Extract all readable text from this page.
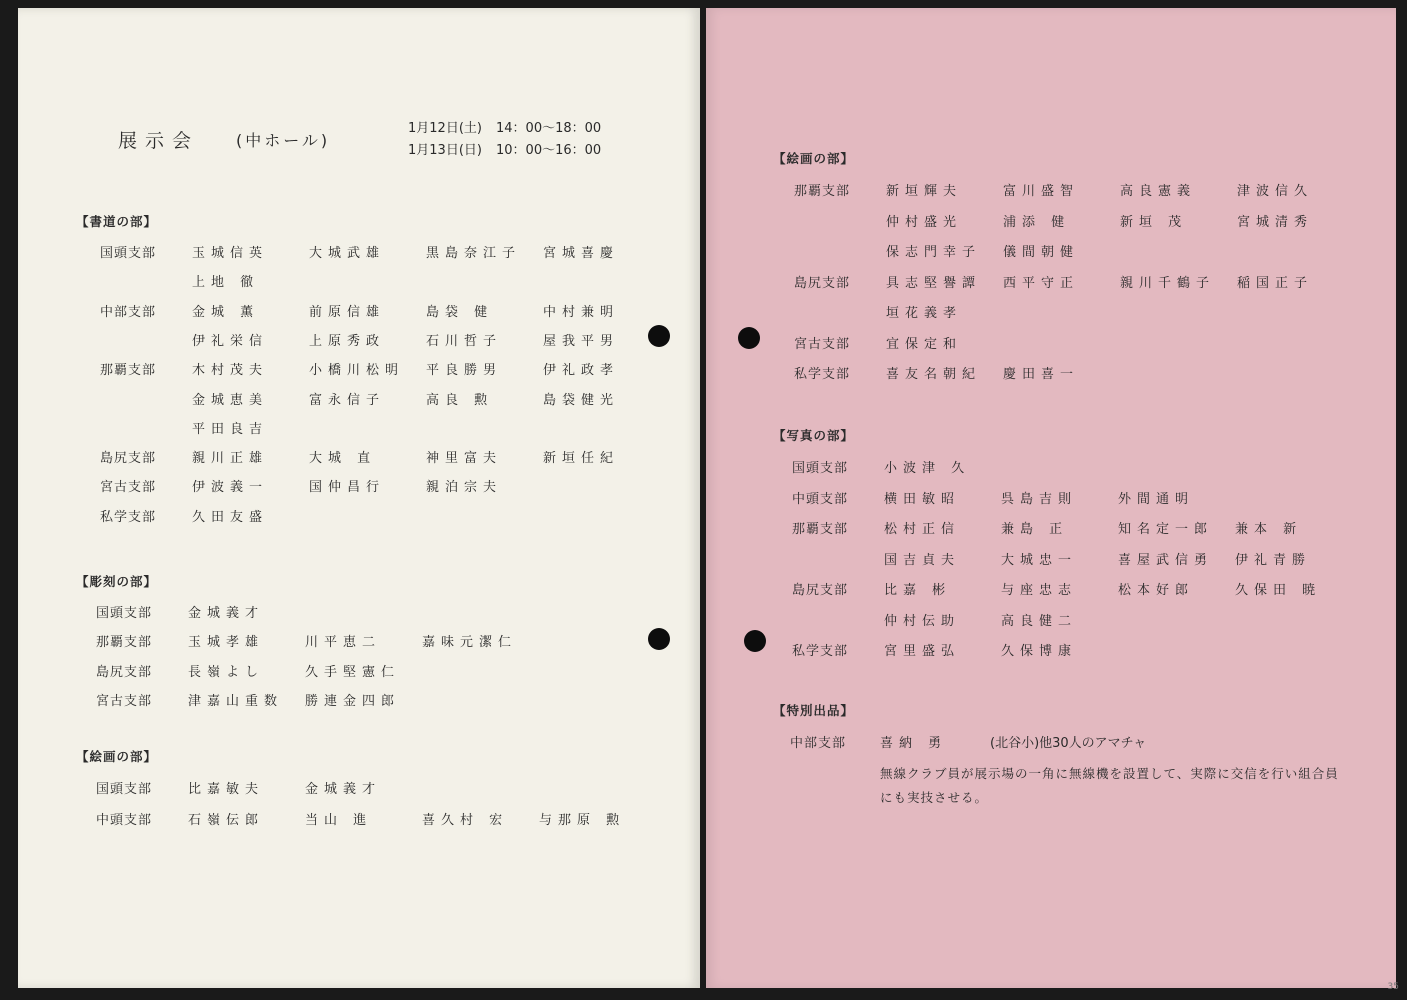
展示会 (中ホール)
1月12日(土)	14：00〜18：00
1月13日(日)	10：00〜16：00
【書道の部】
【彫刻の部】
【絵画の部】
【絵画の部】
【写真の部】
【特別出品】
中部支部	喜納 勇	(北谷小)他30人のアマチャ
無線クラブ員が展示場の一角に無線機を設置して、実際に交信を行い組合員
にも実技させる。
35
国頭支部	玉城信英	大城武雄	黒島奈江子	宮城喜慶
上地 徹
中部支部	金城 薫	前原信雄	島袋 健	中村兼明
伊礼栄信	上原秀政	石川哲子	屋我平男
那覇支部	木村茂夫	小橋川松明	平良勝男	伊礼政孝
金城恵美	富永信子	高良 勲	島袋健光
平田良吉
島尻支部	親川正雄	大城 直	神里富夫	新垣任紀
宮古支部	伊波義一	国仲昌行	親泊宗夫
私学支部	久田友盛
国頭支部	金城義才
那覇支部	玉城孝雄	川平恵二	嘉味元潔仁
島尻支部	長嶺よし	久手堅憲仁
宮古支部	津嘉山重数	勝連金四郎
国頭支部	比嘉敏夫	金城義才
中頭支部	石嶺伝郎	当山 進	喜久村 宏	与那原 勲
那覇支部	新垣輝夫	富川盛智	高良憲義	津波信久
仲村盛光	浦添 健	新垣 茂	宮城清秀
保志門幸子	儀間朝健
島尻支部	具志堅譽譚	西平守正	親川千鶴子	稲国正子
垣花義孝
宮古支部	宜保定和
私学支部	喜友名朝紀	慶田喜一
国頭支部	小波津 久
中頭支部	横田敏昭	呉島吉則	外間通明
那覇支部	松村正信	兼島 正	知名定一郎	兼本 新
国吉貞夫	大城忠一	喜屋武信勇	伊礼青勝
島尻支部	比嘉 彬	与座忠志	松本好郎	久保田 暁
仲村伝助	高良健二
私学支部	宮里盛弘	久保博康
